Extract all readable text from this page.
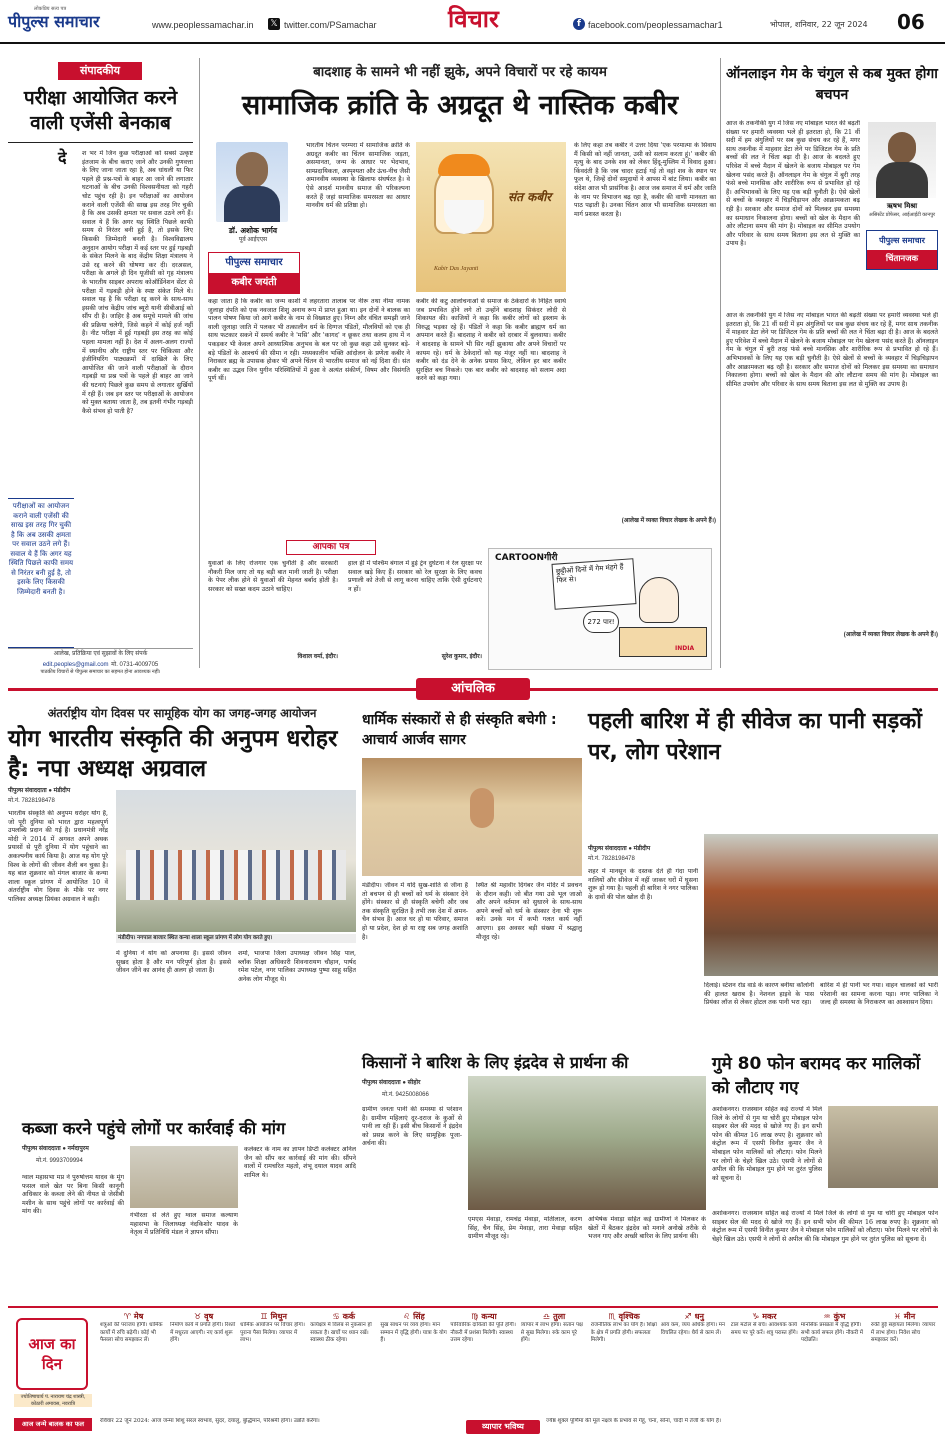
लोकप्रिय सत्य पत्र
पीपुल्स समाचार	www.peoplessamachar.in 𝕏 twitter.com/PSamachar	विचार	f facebook.com/peoplessamachar1	भोपाल, शनिवार, 22 जून 2024 06
संपादकीय
परीक्षा आयोजित करने वाली एजेंसी बेनकाब
दे श भर में जिन कुछ परीक्षाओं को सबसे उत्कृष्ट इंतजाम के बीच कराए जाने और उनकी गुणवत्ता के लिए जाना जाता रहा है, अब धांधली या फिर पहले ही प्रश्न-पत्रों के बाहर आ जाने की लगातार घटनाओं के बीच उनकी विश्वसनीयता को गहरी चोट पहुंच रही है। इन परीक्षाओं का आयोजन कराने वाली एजेंसी की साख इस तरह गिर चुकी है कि अब उसकी क्षमता पर सवाल उठने लगे हैं। सवाल ये हैं कि अगर यह स्थिति पिछले काफी समय से निरंतर बनी हुई है, तो इसके लिए किसकी जिम्मेदारी बनती है। विश्वविद्यालय अनुदान आयोग परीक्षा में कई स्तर पर हुई गड़बड़ी के संकेत मिलने के बाद केंद्रीय शिक्षा मंत्रालय ने उसे रद्द करने की घोषणा कर दी। दरअसल, परीक्षा के अगले ही दिन यूजीसी को गृह मंत्रालय के भारतीय साइबर अपराध कोऑर्डिनेशन सेंटर से परीक्षा में गड़बड़ी होने के स्पष्ट संकेत मिले थे। सवाल यह है कि परीक्षा रद्द करने के साथ-साथ इसकी जांच केंद्रीय जांच ब्यूरो यानी सीबीआई को सौंप दी है। जाहिर है अब समूचे मामले की जांच की प्रक्रिया चलेगी, जिसे कहने में कोई हर्ज नहीं है। नीट परीक्षा में हुई गड़बड़ी इस तरह का कोई पहला मामला नहीं है। देश में अलग-अलग राज्यों में स्थानीय और राष्ट्रीय स्तर पर चिकित्सा और इंजीनियरिंग पाठ्यक्रमों में दाखिले के लिए आयोजित की जाने वाली परीक्षाओं के दौरान गड़बड़ी या प्रश्न पत्रों के पहले ही बाहर आ जाने की घटनाएं पिछले कुछ समय से लगातार सुर्खियों में रही हैं। जब इन स्तर पर परीक्षाओं के आयोजन को मुक्त बताया जाता है, तब इतनी गंभीर गड़बड़ी कैसे संभव हो पाती है?
परीक्षाओं का आयोजन कराने वाली एजेंसी की साख इस तरह गिर चुकी है कि अब उसकी क्षमता पर सवाल उठने लगे हैं। सवाल ये हैं कि अगर यह स्थिति पिछले काफी समय से निरंतर बनी हुई है, तो इसके लिए किसकी जिम्मेदारी बनती है।
आलेख, प्रतिक्रिया एवं सुझावों के लिए संपर्क
edit.peoples@gmail.com मो. 0731-4009705
पाठकीय विचारों से पीपुल्स समाचार का सहमत होना आवश्यक नहीं।
बादशाह के सामने भी नहीं झुके, अपने विचारों पर रहे कायम
सामाजिक क्रांति के अग्रदूत थे नास्तिक कबीर
डॉ. अशोक भार्गव
पूर्व आईएएस
पीपुल्स समाचार
कबीर जयंती
भारतीय चिंतन परम्परा में सामाजिक क्रांति के अग्रदूत कबीर का चिंतन सामाजिक जड़ता, असमानता, जन्म के आधार पर भेदभाव, साम्प्रदायिकता, अस्पृश्यता और ऊंच-नीच जैसी अमानवीय व्यवस्था के खिलाफ संघर्षरत है। वे ऐसे आदर्श मानवीय समाज की परिकल्पना करते हैं जहां सामाजिक समरसता का आधार मानवीय धर्म की प्रतिष्ठा हो।
संत कबीर
Kabir Das Jayanti
कहा जाता है कि कबीर का जन्म काशी में लहरतारा तालाब पर नीरू तथा नीमा नामक जुलाहा दंपति को एक नवजात शिशु अनाथ रूप में प्राप्त हुआ था। इन दोनों ने बालक का पालन पोषण किया जो आगे कबीर के नाम से विख्यात हुए। निम्न और वंचित समझी जाने वाली जुलाहा जाति में पलकर भी तत्कालीन धर्म के दिग्गज पंडितों, मौलवियों को एक ही साथ फटकार सकने में समर्थ कबीर ने 'मसि' और 'कागद' न छूकर तथा कलम हाथ में न पकड़कर भी केवल अपने आध्यात्मिक अनुभव के बल पर जो कुछ कहा उसे सुनकर बड़े-बड़े पंडितों के आश्चर्य की सीमा न रही। मध्यकालीन भक्ति आंदोलन के प्रणेता कबीर ने निराकार ब्रह्म के उपासक होकर भी अपने चिंतन से भारतीय समाज को नई दिशा दी। संत कबीर का उद्भव जिन युगीन परिस्थितियों में हुआ वे अत्यंत संकीर्ण, विषम और विसंगति पूर्ण थीं।
कबीर की कटु आलोचनाओं से समाज के ठेकेदारों के निहित स्वार्थ जब प्रभावित होने लगे तो उन्होंने बादशाह सिकंदर लोदी से शिकायत की। काजियों ने कहा कि कबीर लोगों को इस्लाम के विरुद्ध भड़का रहे हैं। पंडितों ने कहा कि कबीर ब्राह्मण धर्म का अपमान करते हैं। बादशाह ने कबीर को दरबार में बुलवाया। कबीर ने बादशाह के सामने भी सिर नहीं झुकाया और अपने विचारों पर कायम रहे। धर्म के ठेकेदारों को यह मंजूर नहीं था। बादशाह ने कबीर को दंड देने के अनेक प्रयास किए, लेकिन हर बार कबीर सुरक्षित बच निकले। एक बार कबीर को बादशाह को सलाम अदा करने को कहा गया।
के लिए कहा तब कबीर ने उत्तर दिया 'एक परमात्मा के सिवाय मैं किसी को नहीं जानता, उसी को सलाम करता हूं।' कबीर की मृत्यु के बाद उनके शव को लेकर हिंदू-मुस्लिम में विवाद हुआ। किंवदंती है कि जब चादर हटाई गई तो वहां शव के स्थान पर फूल थे, जिन्हें दोनों समुदायों ने आपस में बांट लिया। कबीर का संदेश आज भी प्रासंगिक है। आज जब समाज में धर्म और जाति के नाम पर विभाजन बढ़ रहा है, कबीर की वाणी मानवता का पाठ पढ़ाती है। उनका चिंतन आज भी सामाजिक समरसता का मार्ग प्रशस्त करता है।
(आलेख में व्यक्त विचार लेखक के अपने हैं।)
आपका पत्र
युवाओं के लिए रोजगार एक चुनौती है और सरकारी नौकरी मिल जाए तो यह बड़ी बात मानी जाती है। परीक्षा के पेपर लीक होने से युवाओं की मेहनत बर्बाद होती है। सरकार को सख्त कदम उठाने चाहिए।
विशाल वर्मा, इंदौर।
हाल ही में पश्चिम बंगाल में हुई ट्रेन दुर्घटना ने रेल सुरक्षा पर सवाल खड़े किए हैं। सरकार को रेल सुरक्षा के लिए कवच प्रणाली को तेजी से लागू करना चाहिए ताकि ऐसी दुर्घटनाएं न हों।
सुरेश कुमार, इंदौर।
CARTOONगीरी
छुट्टीओं दिनों में गेम मंहगे हैं फिर से।
272 पार!
INDIA
ऑनलाइन गेम के चंगुल से कब मुक्त होगा बचपन
आज के तकनीकी युग में जिस नए मोबाइल भारत की बढ़ती संख्या पर हमारी व्यवस्था भले ही इतराता हो, कि 21 वीं सदी में हम अंगुलियों पर सब कुछ संचय कर रहे हैं, मगर साथ तकनीक में माहवार डेटा लेने पर डिजिटल गेम के प्रति बच्चों की लत ने चिंता बढ़ा दी है। आज के बदलते हुए परिवेश में बच्चे मैदान में खेलने के बजाय मोबाइल पर गेम खेलना पसंद करते हैं। ऑनलाइन गेम के चंगुल में बुरी तरह फंसे बच्चे मानसिक और शारीरिक रूप से प्रभावित हो रहे हैं। अभिभावकों के लिए यह एक बड़ी चुनौती है। ऐसे खेलों से बच्चों के व्यवहार में चिड़चिड़ापन और आक्रामकता बढ़ रही है। सरकार और समाज दोनों को मिलकर इस समस्या का समाधान निकालना होगा। बच्चों को खेल के मैदान की ओर लौटाना समय की मांग है। मोबाइल का सीमित उपयोग और परिवार के साथ समय बिताना इस लत से मुक्ति का उपाय है।
ऋषभ मिश्रा
असिस्टेंट प्रोफेसर, आईआईटी कानपुर
पीपुल्स समाचार
चिंतानजक
आज के तकनीकी युग में जिस नए मोबाइल भारत की बढ़ती संख्या पर हमारी व्यवस्था भले ही इतराता हो, कि 21 वीं सदी में हम अंगुलियों पर सब कुछ संचय कर रहे हैं, मगर साथ तकनीक में माहवार डेटा लेने पर डिजिटल गेम के प्रति बच्चों की लत ने चिंता बढ़ा दी है। आज के बदलते हुए परिवेश में बच्चे मैदान में खेलने के बजाय मोबाइल पर गेम खेलना पसंद करते हैं। ऑनलाइन गेम के चंगुल में बुरी तरह फंसे बच्चे मानसिक और शारीरिक रूप से प्रभावित हो रहे हैं। अभिभावकों के लिए यह एक बड़ी चुनौती है। ऐसे खेलों से बच्चों के व्यवहार में चिड़चिड़ापन और आक्रामकता बढ़ रही है। सरकार और समाज दोनों को मिलकर इस समस्या का समाधान निकालना होगा। बच्चों को खेल के मैदान की ओर लौटाना समय की मांग है। मोबाइल का सीमित उपयोग और परिवार के साथ समय बिताना इस लत से मुक्ति का उपाय है।
(आलेख में व्यक्त विचार लेखक के अपने हैं।)
आंचलिक
अंतर्राष्ट्रीय योग दिवस पर सामूहिक योग का जगह-जगह आयोजन
योग भारतीय संस्कृति की अनुपम धरोहर है: नपा अध्यक्ष अग्रवाल
पीपुल्स संवाददाता ● मंडीदीप
मो.नं. 7828198478
भारतीय संस्कृति की अनुपम धरोहर योग है, जो पूरी दुनिया को भारत द्वारा महत्वपूर्ण उपलब्धि प्रदान की गई है। प्रधानमंत्री नरेंद्र मोदी ने 2014 में अगवत अपने अथक प्रयासों से पूरी दुनिया में योग पहुंचाने का अकल्पनीय कार्य किया है। आज यह योग पूरे विश्व के लोगों की जीवन शैली बन चुका है। यह बात शुक्रवार को मंगल बाजार के कन्या शाला स्कूल प्रांगण में आयोजित 10 वें अंतर्राष्ट्रीय योग दिवस के मौके पर नगर पालिका अध्यक्ष प्रियंका अग्रवाल ने कही।
मंडीदीप। नगपाल बाजार स्थित कन्या शाला स्कूल प्रांगण में लोग योग करते हुए।
में दुनिया ने योग को अपनाया है। इससे जीवन सुखद होता है और मन परिपूर्ण होता है। इससे जीवन जीने का आनंद ही अलग हो जाता है।
शर्मा, भाजपा जिला उपाध्यक्ष जीवन सिंह पाल, ब्लॉक शिक्षा अधिकारी शिवनारायण चौहान, पार्षद रमेश पटेल, नगर पालिका उपाध्यक्ष पुष्पा साहू सहित अनेक लोग मौजूद थे।
धार्मिक संस्कारों से ही संस्कृति बचेगी : आचार्य आर्जव सागर
मंडीदीप। जीवन में यदि सुख-शांति से जीना है तो बचपन से ही बच्चों को धर्म के संस्कार देने होंगे। संस्कार से ही संस्कृति बचेगी और जब तक संस्कृति सुरक्षित है तभी तक देश में अमन-चैन संभव है। आज घर हो या परिवार, समाज हो या प्रदेश, देश हो या राष्ट्र सब जगह अशांति है।
स्थित श्री महावीर दिगंबर जैन मंदिर में प्रवचन के दौरान कही। जो बीत गया उसे भूल जाओ और अपने वर्तमान को सुधारने के साथ-साथ अपने बच्चों को धर्म के संस्कार देना भी शुरू करें। उनके मन में कभी गलत कार्य नहीं आएगा। इस अवसर बड़ी संख्या में श्रद्धालु मौजूद रहे।
पहली बारिश में ही सीवेज का पानी सड़कों पर, लोग परेशान
पीपुल्स संवाददाता ● मंडीदीप
मो.नं. 7828198478
शहर में मानसून के दस्तक देते ही गंदा पानी नालियों और सीवेज में नहीं जाकर घरों में घुसना शुरू हो गया है। पहली ही बारिश ने नगर पालिका के दावों की पोल खोल दी है।
दिलाई। स्टेशन रोड वार्ड के कारण बनीया कॉलोनी की हालत खराब है। नेशनल हाइवे के पास प्रियंका लॉज से लेकर होटल तक पानी भरा रहा।
बारिश में ही पानी भर गया। वाहन चालकों को भारी परेशानी का सामना करना पड़ा। नगर पालिका ने जल्द ही समस्या के निराकरण का आश्वासन दिया।
किसानों ने बारिश के लिए इंद्रदेव से प्रार्थना की
पीपुल्स संवाददाता ● सीहोर
मो.नं. 9425008066
ग्रामीण जनता पानी की समस्या से परेशान है। ग्रामीण महिलाएं दूर-दराज के कुओं से पानी ला रही हैं। इसी बीच किसानों ने इंद्रदेव को प्रसन्न करने के लिए सामूहिक पूजा-अर्चना की।
एमएस मेवाड़ा, रामचंद्र मेवाड़ा, मोतीलाल, करण सिंह, चैन सिंह, प्रेम मेवाड़ा, तारा मेवाड़ा सहित ग्रामीण मौजूद रहे।
अभिषेक मेवाड़ा सहित कई ग्रामीणों ने मिलकर के खेतों में बैठकर इंद्रदेव को मनाने अनोखे तरीके से भजन गाए और अच्छी बारिश के लिए प्रार्थना की।
गुमे 80 फोन बरामद कर मालिकों को लौटाए गए
अशोकनगर। राजस्थान सहित कई राज्यों में मिले जिले के लोगों से गुम या चोरी हुए मोबाइल फोन साइबर सेल की मदद से खोजे गए हैं। इन सभी फोन की कीमत 16 लाख रुपए है। शुक्रवार को कंट्रोल रूम में एसपी विनीत कुमार जैन ने मोबाइल फोन मालिकों को लौटाए। फोन मिलने पर लोगों के चेहरे खिल उठे। एसपी ने लोगों से अपील की कि मोबाइल गुम होने पर तुरंत पुलिस को सूचना दें।
अशोकनगर। राजस्थान सहित कई राज्यों में मिले जिले के लोगों से गुम या चोरी हुए मोबाइल फोन साइबर सेल की मदद से खोजे गए हैं। इन सभी फोन की कीमत 16 लाख रुपए है। शुक्रवार को कंट्रोल रूम में एसपी विनीत कुमार जैन ने मोबाइल फोन मालिकों को लौटाए। फोन मिलने पर लोगों के चेहरे खिल उठे। एसपी ने लोगों से अपील की कि मोबाइल गुम होने पर तुरंत पुलिस को सूचना दें।
कब्जा करने पहुंचे लोगों पर कार्रवाई की मांग
पीपुल्स संवाददाता ● नर्मदापुरम
मो.नं. 9993709994
ग्वाल महासभा मप्र ने पुरुषोत्तम यादव के मूंग फसल वाले खेत पर बिना किसी कानूनी अधिकार के कब्जा लेने की नीयत से जेसीबी मशीन के साथ पहुंचे लोगों पर कार्रवाई की मांग की।
गंभीरता से लेते हुए ग्वाल समाज कल्याण महासभा के जिलाध्यक्ष नंदकिशोर यादव के नेतृत्व में प्रतिनिधि मंडल ने ज्ञापन सौंपा।
कलेक्टर के नाम का ज्ञापन डिप्टी कलेक्टर अनिल जैन को सौंप कर कार्रवाई की मांग की। सौंपने वालों में रामचरित महतो, शंभू दयाल यादव आदि शामिल थे।
आज का दिन
ज्योतिषाचार्य पं. नारायण चंद्र शास्त्री, कोठारी अमावस, नवरात्रि
आज जन्मे बालक का फल
♈ मेष
शत्रुओं की पराजय होगी। धार्मिक कार्यों में रुचि बढ़ेगी। कोई भी फैसला सोच समझकर लें।
♉ वृष
निर्माण कार्य में प्रगति होगी। रिश्तों में मधुरता आएगी। नए कार्य शुरू होंगे।
♊ मिथुन
धार्मिक आयोजन पर विचार होगा। पुराना पैसा मिलेगा। व्यापार में लाभ।
♋ कर्क
कार्यक्षेत्र में विलंब से नुकसान हो सकता है। खर्चों पर ध्यान रखें। स्वास्थ्य ठीक रहेगा।
♌ सिंह
सुख साधन पर व्यय होगा। मान सम्मान में वृद्धि होगी। यात्रा के योग हैं।
♍ कन्या
पारिवारिक दायित्वों की पूर्ति होगी। नौकरी में प्रशंसा मिलेगी। स्वास्थ्य उत्तम रहेगा।
♎ तुला
व्यापार में लाभ होगा। संतान पक्ष से सुख मिलेगा। रुके काम पूरे होंगे।
♏ वृश्चिक
राजनीतिक लाभ का योग है। शिक्षा के क्षेत्र में प्रगति होगी। सफलता मिलेगी।
♐ धनु
आय कम, व्यय अधिक होगा। मन विचलित रहेगा। धैर्य से काम लें।
♑ मकर
टाल मटोल से बचें। आवश्यक कार्य समय पर पूरे करें। शत्रु परास्त होंगे।
♒ कुंभ
मानसिक प्रसन्नता में वृद्धि होगी। सभी कार्य सफल होंगे। नौकरी में पदोन्नति।
♓ मीन
रुकी हुई सहायता मिलेगा। व्यापार में लाभ होगा। निवेश सोच समझकर करें।
रविवार 22 जून 2024: आज जन्मा शिशु सरल स्वभाव, सुंदर, दयालु, बुद्धिमान, परिश्रमी होगा। उन्नति करेगा।
व्यापार भविष्य
ज्येष्ठ शुक्ल पूर्णिमा की मूल नक्षत्र के प्रभाव से गेहूं, चना, सोना, चांदी में तेजी के योग हैं।
